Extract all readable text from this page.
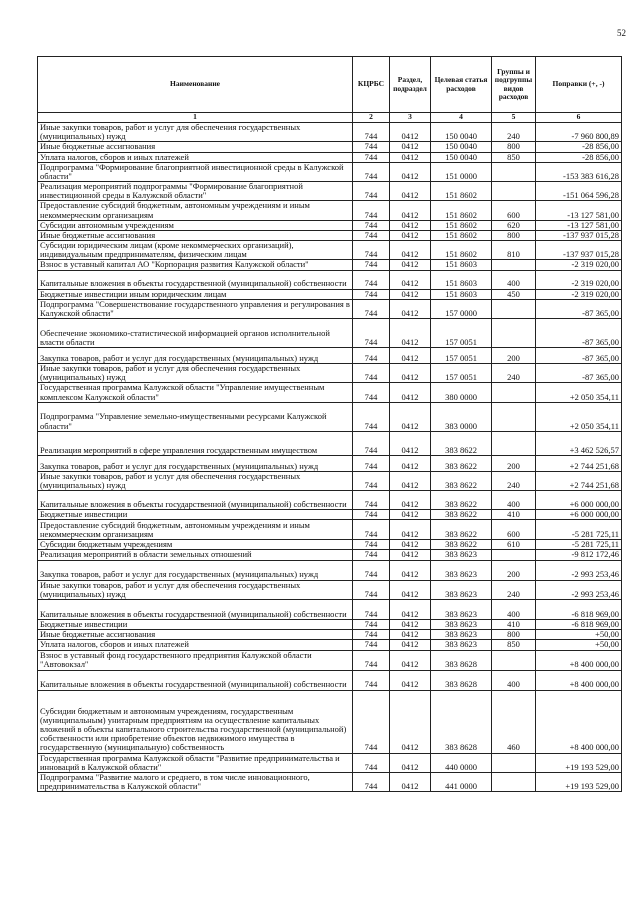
52
Наименование	КЦРБС	Раздел, подраздел	Целевая статья расходов	Группы и подгруппы видов расходов	Поправки (+, -)
1	2	3	4	5	6
Иные закупки товаров, работ и услуг для обеспечения государственных (муниципальных) нужд	744	0412	150 0040	240	-7 960 800,89
Иные бюджетные ассигнования	744	0412	150 0040	800	-28 856,00
Уплата налогов, сборов и иных платежей	744	0412	150 0040	850	-28 856,00
Подпрограмма "Формирование благоприятной инвестиционной среды в Калужской области"	744	0412	151 0000		-153 383 616,28
Реализация мероприятий подпрограммы "Формирование благоприятной инвестиционной среды в Калужской области"	744	0412	151 8602		-151 064 596,28
Предоставление субсидий бюджетным, автономным учреждениям и иным некоммерческим организациям	744	0412	151 8602	600	-13 127 581,00
Субсидии автономным учреждениям	744	0412	151 8602	620	-13 127 581,00
Иные бюджетные ассигнования	744	0412	151 8602	800	-137 937 015,28
Субсидии юридическим лицам (кроме некоммерческих организаций), индивидуальным предпринимателям, физическим лицам	744	0412	151 8602	810	-137 937 015,28
Взнос в уставный капитал АО "Корпорация развития Калужской области"	744	0412	151 8603		-2 319 020,00
Капитальные вложения в объекты государственной (муниципальной) собственности	744	0412	151 8603	400	-2 319 020,00
Бюджетные инвестиции иным юридическим лицам	744	0412	151 8603	450	-2 319 020,00
Подпрограмма "Совершенствование государственного управления и регулирования в Калужской области"	744	0412	157 0000		-87 365,00
Обеспечение экономико-статистической информацией органов исполнительной власти области	744	0412	157 0051		-87 365,00
Закупка товаров, работ и услуг для государственных (муниципальных) нужд	744	0412	157 0051	200	-87 365,00
Иные закупки товаров, работ и услуг для обеспечения государственных (муниципальных) нужд	744	0412	157 0051	240	-87 365,00
Государственная программа Калужской области "Управление имущественным комплексом Калужской области"	744	0412	380 0000		+2 050 354,11
Подпрограмма "Управление земельно-имущественными ресурсами Калужской области"	744	0412	383 0000		+2 050 354,11
Реализация мероприятий в сфере управления государственным имуществом	744	0412	383 8622		+3 462 526,57
Закупка товаров, работ и услуг для государственных (муниципальных) нужд	744	0412	383 8622	200	+2 744 251,68
Иные закупки товаров, работ и услуг для обеспечения государственных (муниципальных) нужд	744	0412	383 8622	240	+2 744 251,68
Капитальные вложения в объекты государственной (муниципальной) собственности	744	0412	383 8622	400	+6 000 000,00
Бюджетные инвестиции	744	0412	383 8622	410	+6 000 000,00
Предоставление субсидий бюджетным, автономным учреждениям и иным некоммерческим организациям	744	0412	383 8622	600	-5 281 725,11
Субсидии бюджетным учреждениям	744	0412	383 8622	610	-5 281 725,11
Реализация мероприятий в области земельных отношений	744	0412	383 8623		-9 812 172,46
Закупка товаров, работ и услуг для государственных (муниципальных) нужд	744	0412	383 8623	200	-2 993 253,46
Иные закупки товаров, работ и услуг для обеспечения государственных (муниципальных) нужд	744	0412	383 8623	240	-2 993 253,46
Капитальные вложения в объекты государственной (муниципальной) собственности	744	0412	383 8623	400	-6 818 969,00
Бюджетные инвестиции	744	0412	383 8623	410	-6 818 969,00
Иные бюджетные ассигнования	744	0412	383 8623	800	+50,00
Уплата налогов, сборов и иных платежей	744	0412	383 8623	850	+50,00
Взнос в уставный фонд государственного предприятия Калужской области "Автовокзал"	744	0412	383 8628		+8 400 000,00
Капитальные вложения в объекты государственной (муниципальной) собственности	744	0412	383 8628	400	+8 400 000,00
Субсидии бюджетным и автономным учреждениям, государственным (муниципальным) унитарным предприятиям на осуществление капитальных вложений в объекты капитального строительства государственной (муниципальной) собственности или приобретение объектов недвижимого имущества в государственную (муниципальную) собственность	744	0412	383 8628	460	+8 400 000,00
Государственная программа Калужской области "Развитие предпринимательства и инноваций в Калужской области"	744	0412	440 0000		+19 193 529,00
Подпрограмма "Развитие малого и среднего, в том числе инновационного, предпринимательства в Калужской области"	744	0412	441 0000		+19 193 529,00
